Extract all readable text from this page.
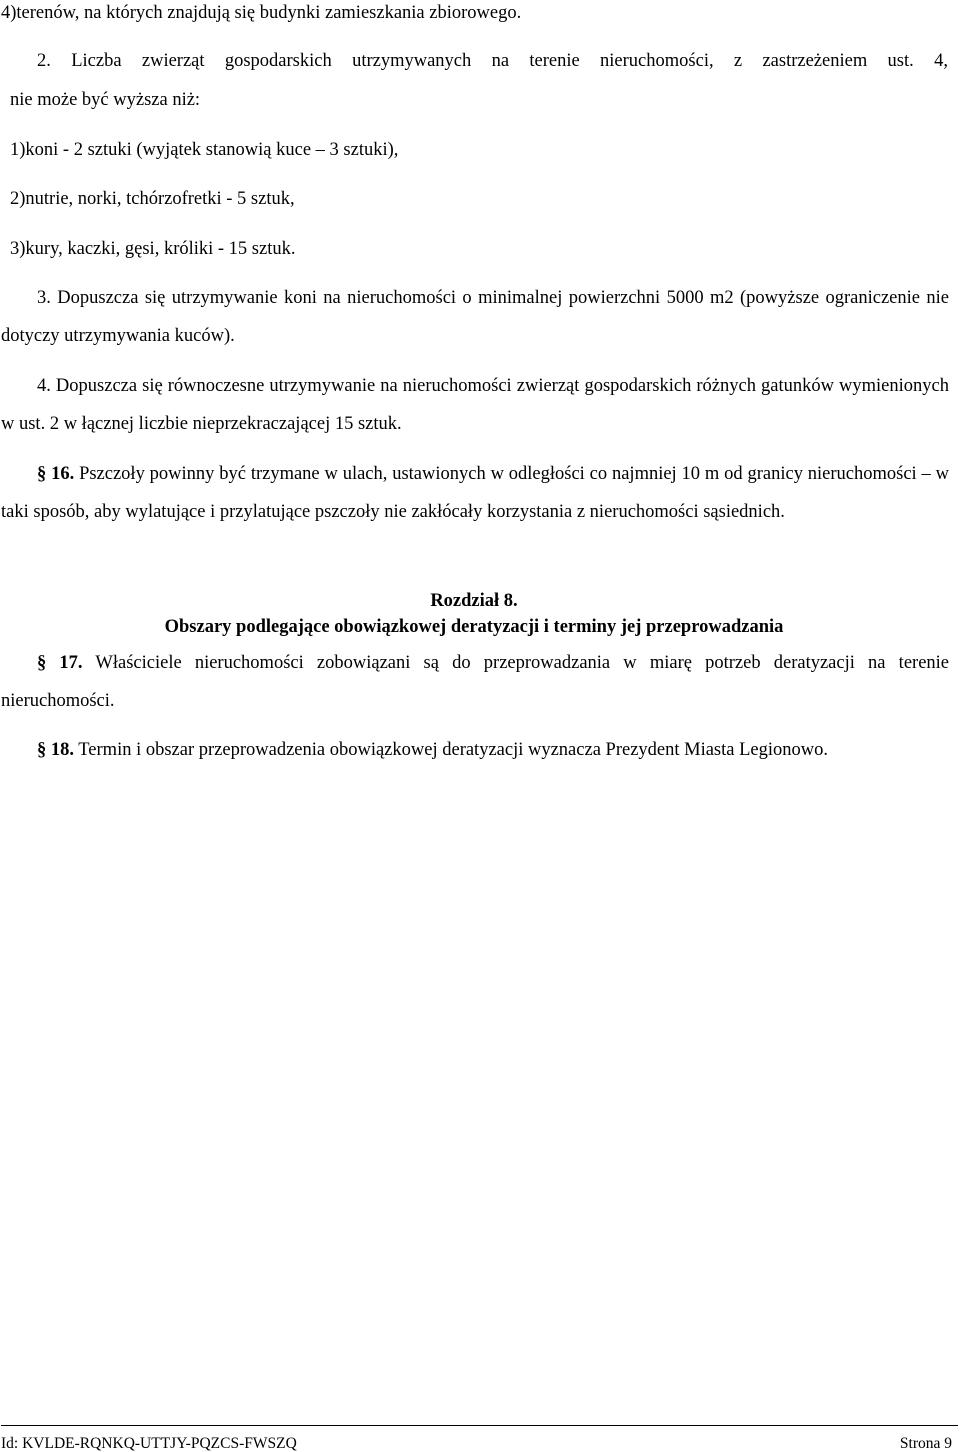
4)terenów, na których znajdują się budynki zamieszkania zbiorowego.
2. Liczba zwierząt gospodarskich utrzymywanych na terenie nieruchomości, z zastrzeżeniem ust. 4,
nie może być wyższa niż:
1)koni - 2 sztuki (wyjątek stanowią kuce – 3 sztuki),
2)nutrie, norki, tchórzofretki - 5 sztuk,
3)kury, kaczki, gęsi, króliki - 15 sztuk.
3. Dopuszcza się utrzymywanie koni na nieruchomości o minimalnej powierzchni 5000 m2 (powyższe ograniczenie nie dotyczy utrzymywania kuców).
4. Dopuszcza się równoczesne utrzymywanie na nieruchomości zwierząt gospodarskich różnych gatunków wymienionych w ust. 2 w łącznej liczbie nieprzekraczającej 15 sztuk.
§ 16. Pszczoły powinny być trzymane w ulach, ustawionych w odległości co najmniej 10 m od granicy nieruchomości – w taki sposób, aby wylatujące i przylatujące pszczoły nie zakłócały korzystania z nieruchomości sąsiednich.
Rozdział 8.
Obszary podlegające obowiązkowej deratyzacji i terminy jej przeprowadzania
§ 17. Właściciele nieruchomości zobowiązani są do przeprowadzania w miarę potrzeb deratyzacji na terenie nieruchomości.
§ 18. Termin i obszar przeprowadzenia obowiązkowej deratyzacji wyznacza Prezydent Miasta Legionowo.
Id: KVLDE-RQNKQ-UTTJY-PQZCS-FWSZQ	Strona 9
